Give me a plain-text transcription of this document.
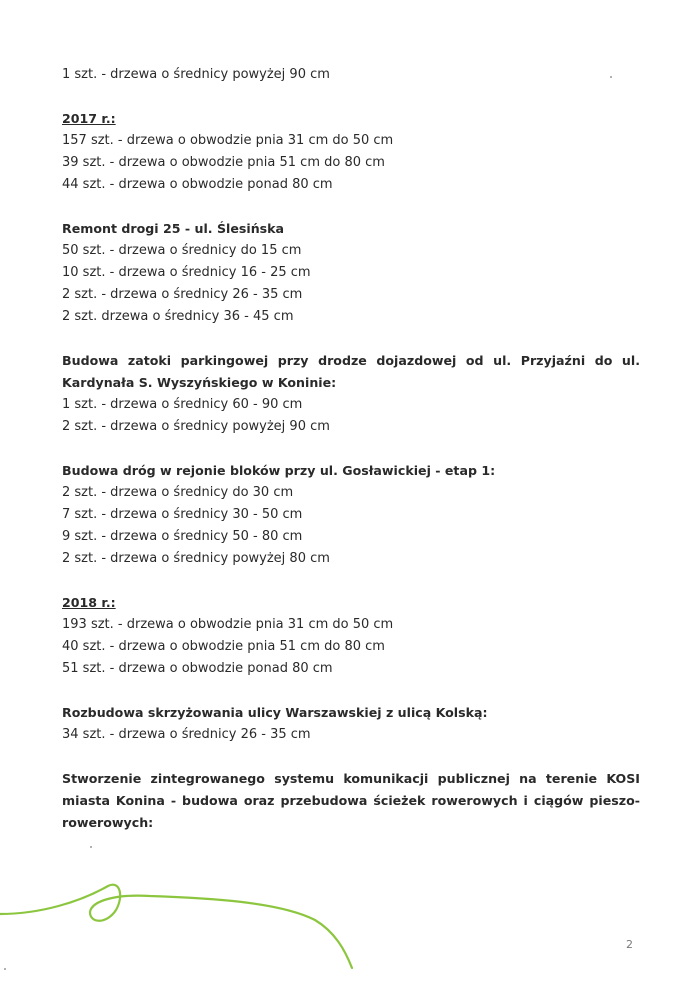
1 szt. - drzewa o średnicy powyżej 90 cm
2017 r.:
157 szt. - drzewa o obwodzie pnia 31 cm do 50 cm
39 szt. - drzewa o obwodzie pnia 51 cm do 80 cm
44 szt. - drzewa o obwodzie ponad 80 cm
Remont drogi 25 - ul. Ślesińska
50 szt. - drzewa o średnicy do 15 cm
10 szt. - drzewa o średnicy 16 - 25 cm
2 szt. - drzewa o średnicy 26 - 35 cm
2 szt. drzewa o średnicy 36 - 45 cm
Budowa zatoki parkingowej przy drodze dojazdowej od ul. Przyjaźni do ul.
Kardynała S. Wyszyńskiego w Koninie:
1 szt. - drzewa o średnicy 60 - 90 cm
2 szt. - drzewa o średnicy powyżej 90 cm
Budowa dróg w rejonie bloków przy ul. Gosławickiej - etap 1:
2 szt. - drzewa o średnicy do 30 cm
7 szt. - drzewa o średnicy 30 - 50 cm
9 szt. - drzewa o średnicy 50 - 80 cm
2 szt. - drzewa o średnicy powyżej 80 cm
2018 r.:
193 szt. - drzewa o obwodzie pnia 31 cm do 50 cm
40 szt. - drzewa o obwodzie pnia 51 cm do 80 cm
51 szt. - drzewa o obwodzie ponad 80 cm
Rozbudowa skrzyżowania ulicy Warszawskiej z ulicą Kolską:
34 szt. - drzewa o średnicy 26 - 35 cm
Stworzenie zintegrowanego systemu komunikacji publicznej na terenie KOSI
miasta Konina - budowa oraz przebudowa ścieżek rowerowych i ciągów pieszo-
rowerowych:
2
